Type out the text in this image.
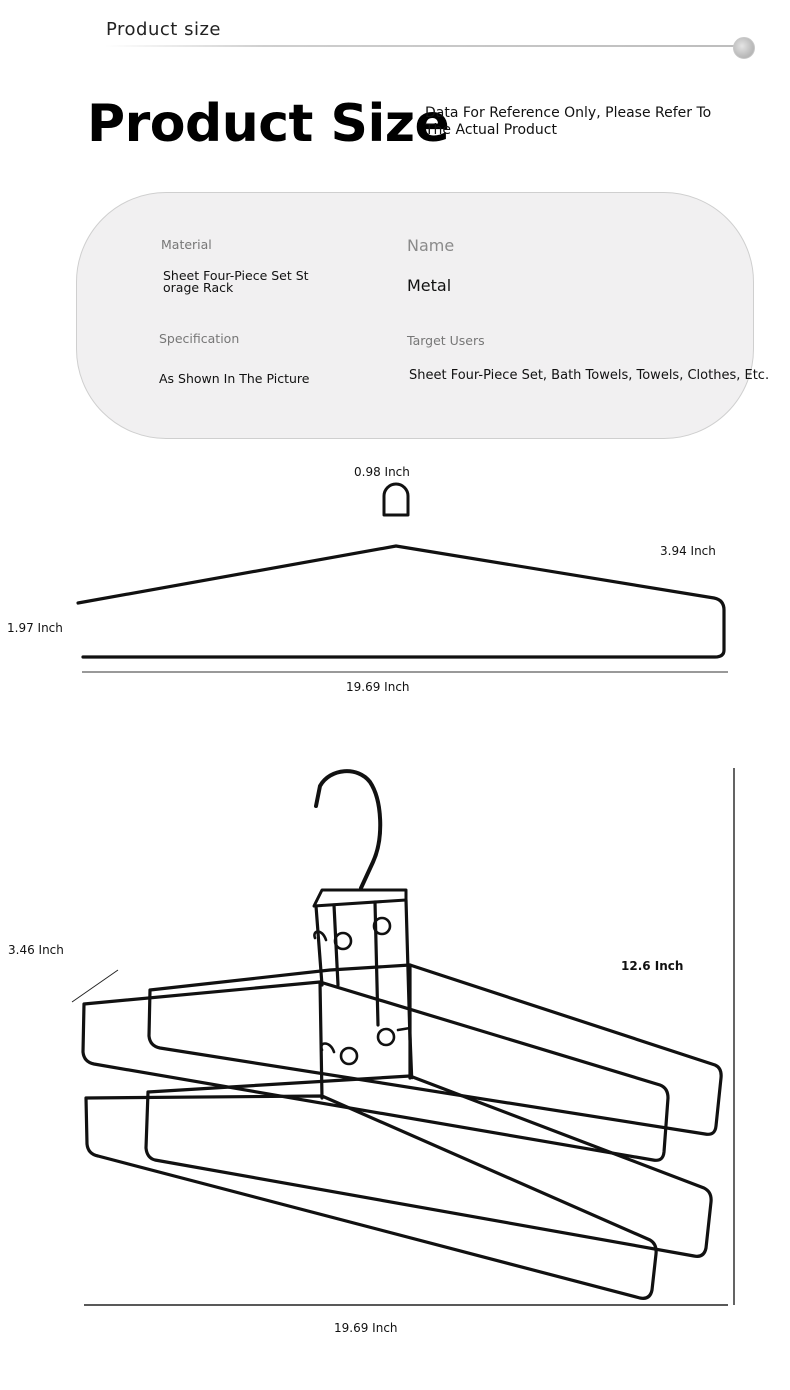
Product size
Product Size
Data For Reference Only, Please Refer To The Actual Product
Material
Sheet Four-Piece Set Storage Rack
Name
Metal
Specification
As Shown In The Picture
Target Users
Sheet Four-Piece Set, Bath Towels, Towels, Clothes, Etc.
0.98 Inch
3.94 Inch
1.97 Inch
19.69 Inch
3.46 Inch
12.6 Inch
19.69 Inch
